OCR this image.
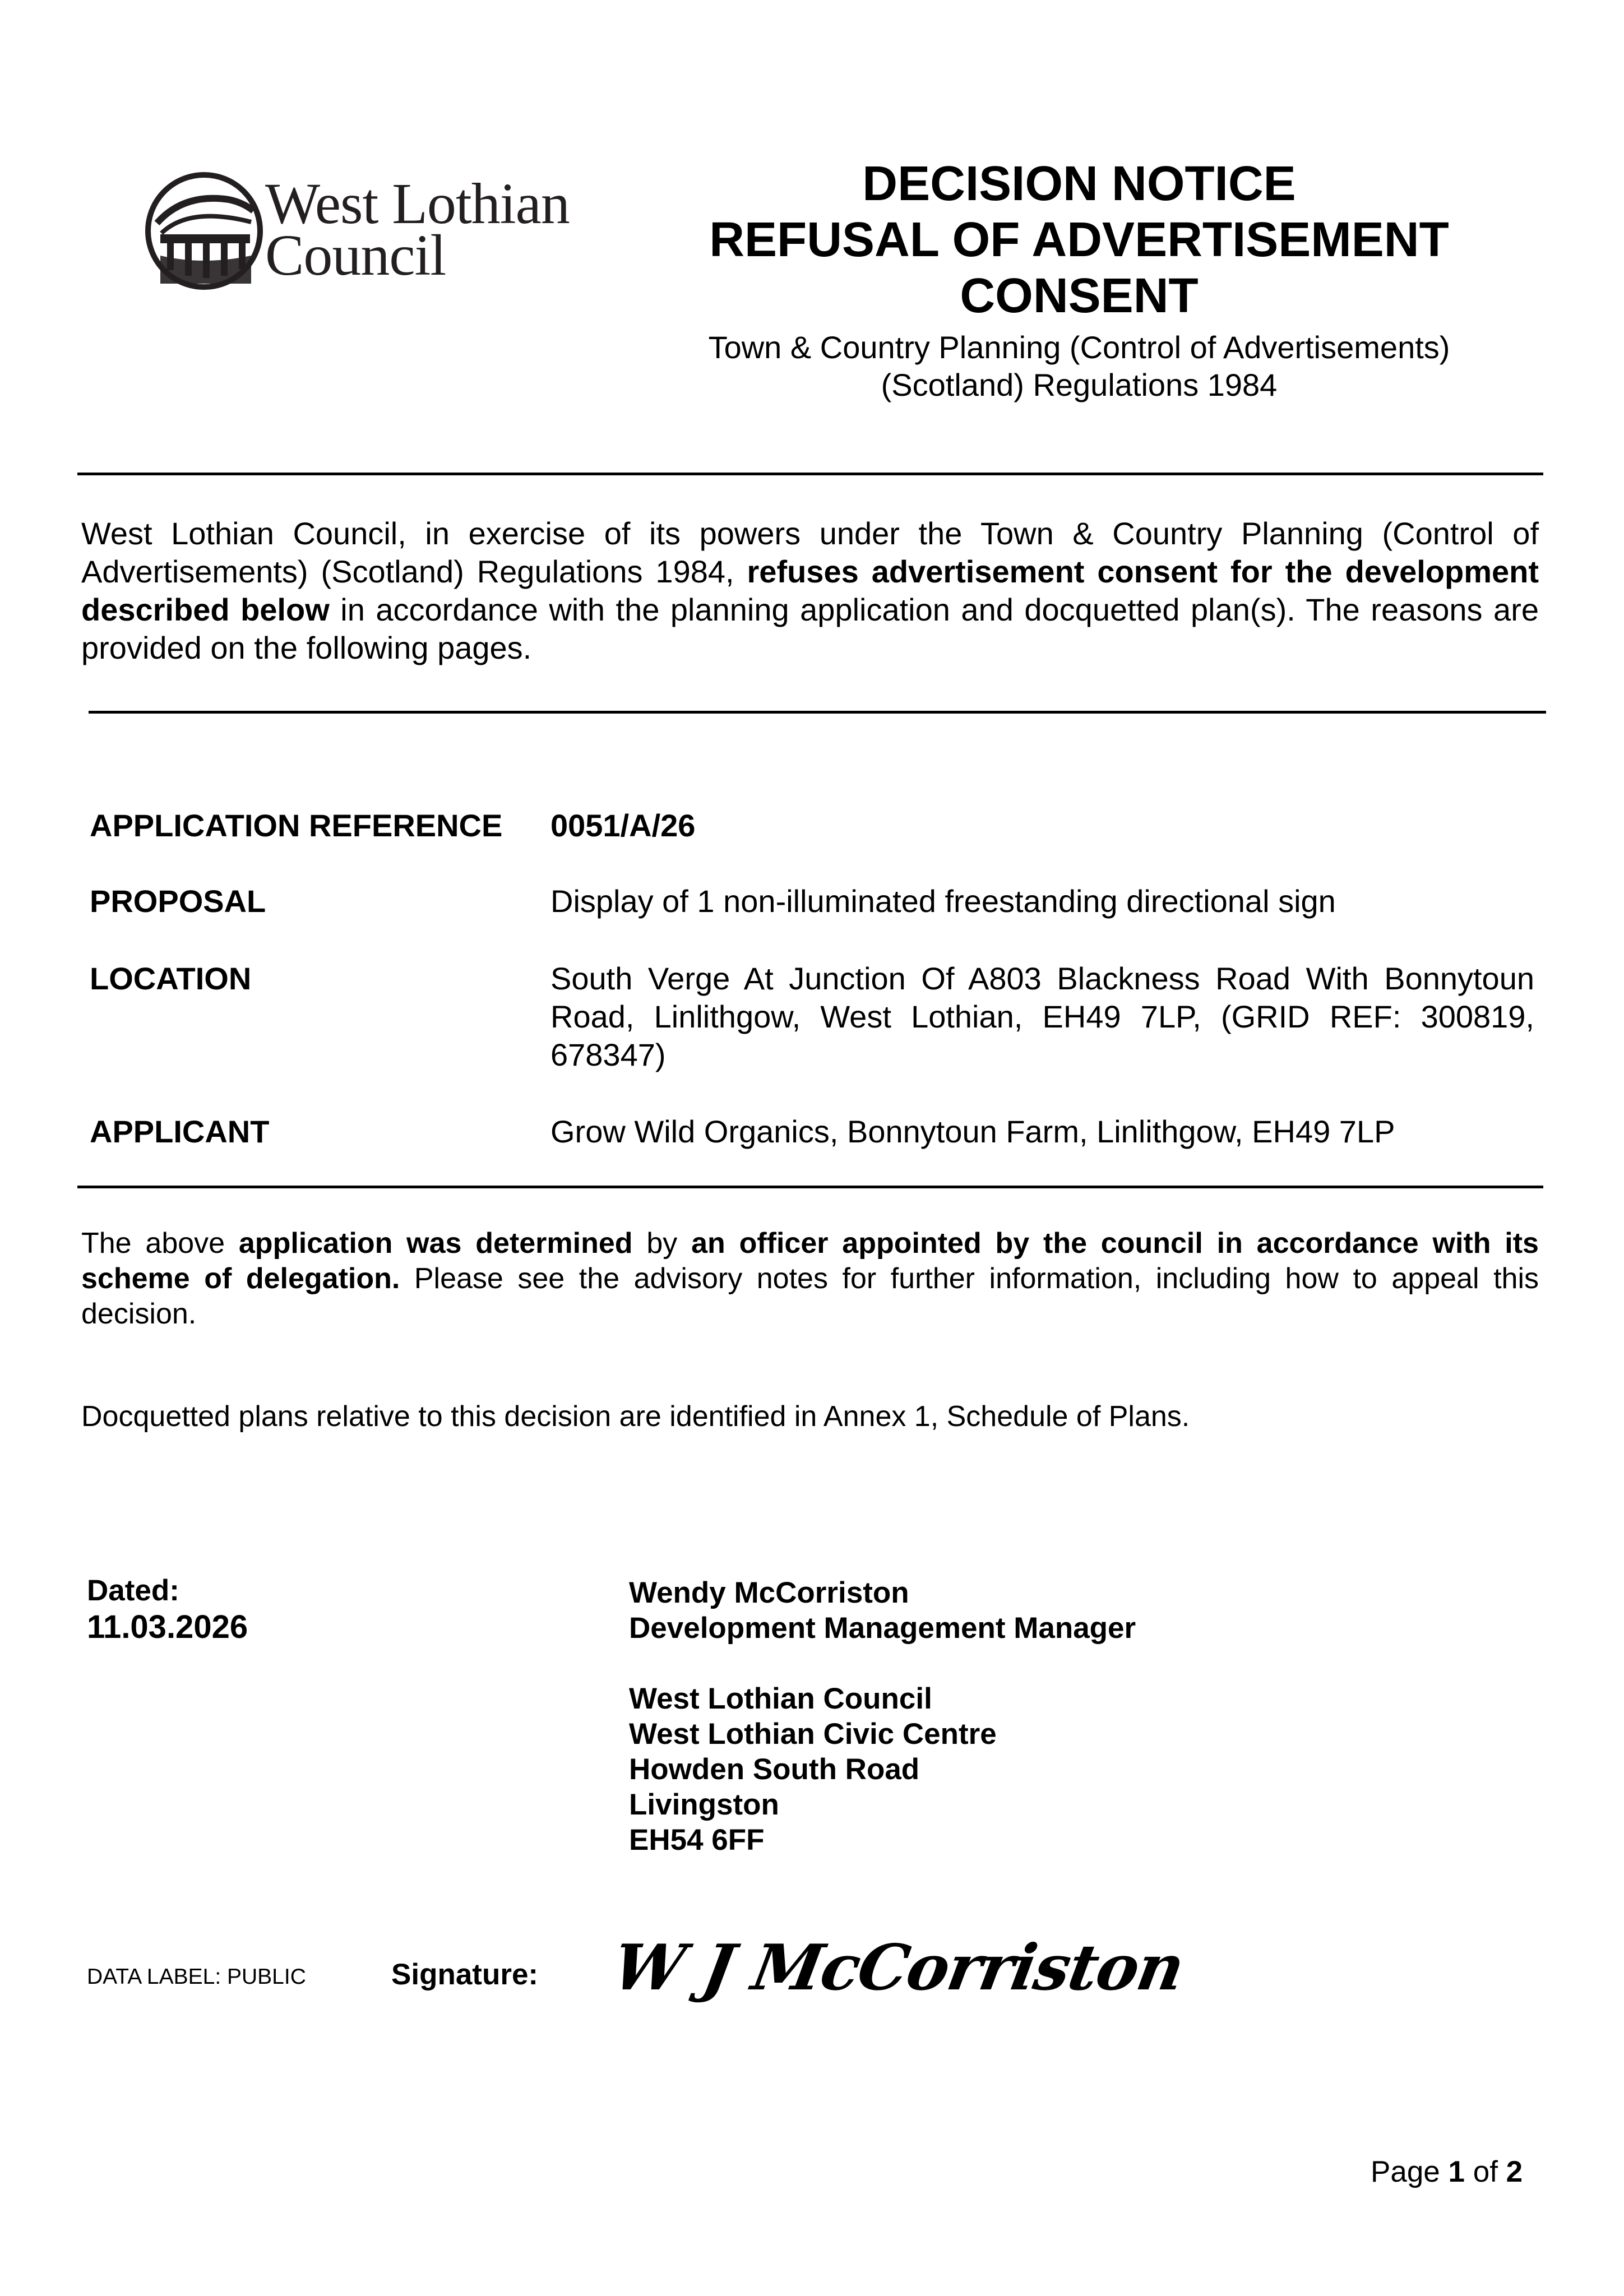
West Lothian
Council
DECISION NOTICE
REFUSAL OF ADVERTISEMENT
CONSENT
Town & Country Planning (Control of Advertisements)
(Scotland) Regulations 1984
West Lothian Council, in exercise of its powers under the Town & Country Planning (Control of Advertisements) (Scotland) Regulations 1984, refuses advertisement consent for the development described below in accordance with the planning application and docquetted plan(s). The reasons are provided on the following pages.
APPLICATION REFERENCE 0051/A/26
PROPOSAL	Display of 1 non-illuminated freestanding directional sign
LOCATION	South Verge At Junction Of A803 Blackness Road With Bonnytoun Road, Linlithgow, West Lothian, EH49 7LP, (GRID REF: 300819, 678347)
APPLICANT	Grow Wild Organics, Bonnytoun Farm, Linlithgow, EH49 7LP
The above application was determined by an officer appointed by the council in accordance with its scheme of delegation. Please see the advisory notes for further information, including how to appeal this decision.
Docquetted plans relative to this decision are identified in Annex 1, Schedule of Plans.
Dated:
11.03.2026
Wendy McCorriston
Development Management Manager
West Lothian Council
West Lothian Civic Centre
Howden South Road
Livingston
EH54 6FF
DATA LABEL: PUBLIC	Signature: W J McCorriston
Page 1 of 2
